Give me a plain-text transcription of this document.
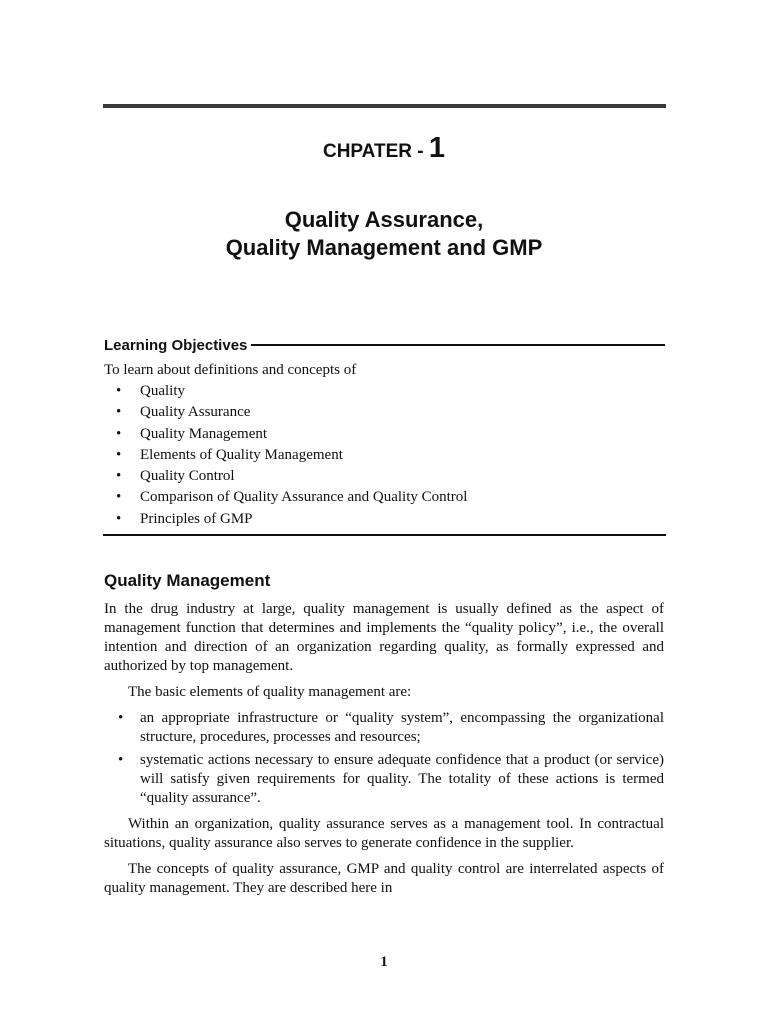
CHPATER - 1
Quality Assurance,
Quality Management and GMP
Learning Objectives

To learn about definitions and concepts of

• Quality
• Quality Assurance
• Quality Management
• Elements of Quality Management
• Quality Control
• Comparison of Quality Assurance and Quality Control
• Principles of GMP
Quality Management

In the drug industry at large, quality management is usually defined as the aspect of management function that determines and implements the “quality policy”, i.e., the overall intention and direction of an organization regarding quality, as formally expressed and authorized by top management.

The basic elements of quality management are:

• an appropriate infrastructure or “quality system”, encompassing the organizational structure, procedures, processes and resources;
• systematic actions necessary to ensure adequate confidence that a product (or service) will satisfy given requirements for quality. The totality of these actions is termed “quality assurance”.

Within an organization, quality assurance serves as a management tool. In contractual situations, quality assurance also serves to generate confidence in the supplier.

The concepts of quality assurance, GMP and quality control are interrelated aspects of quality management. They are described here in

1
